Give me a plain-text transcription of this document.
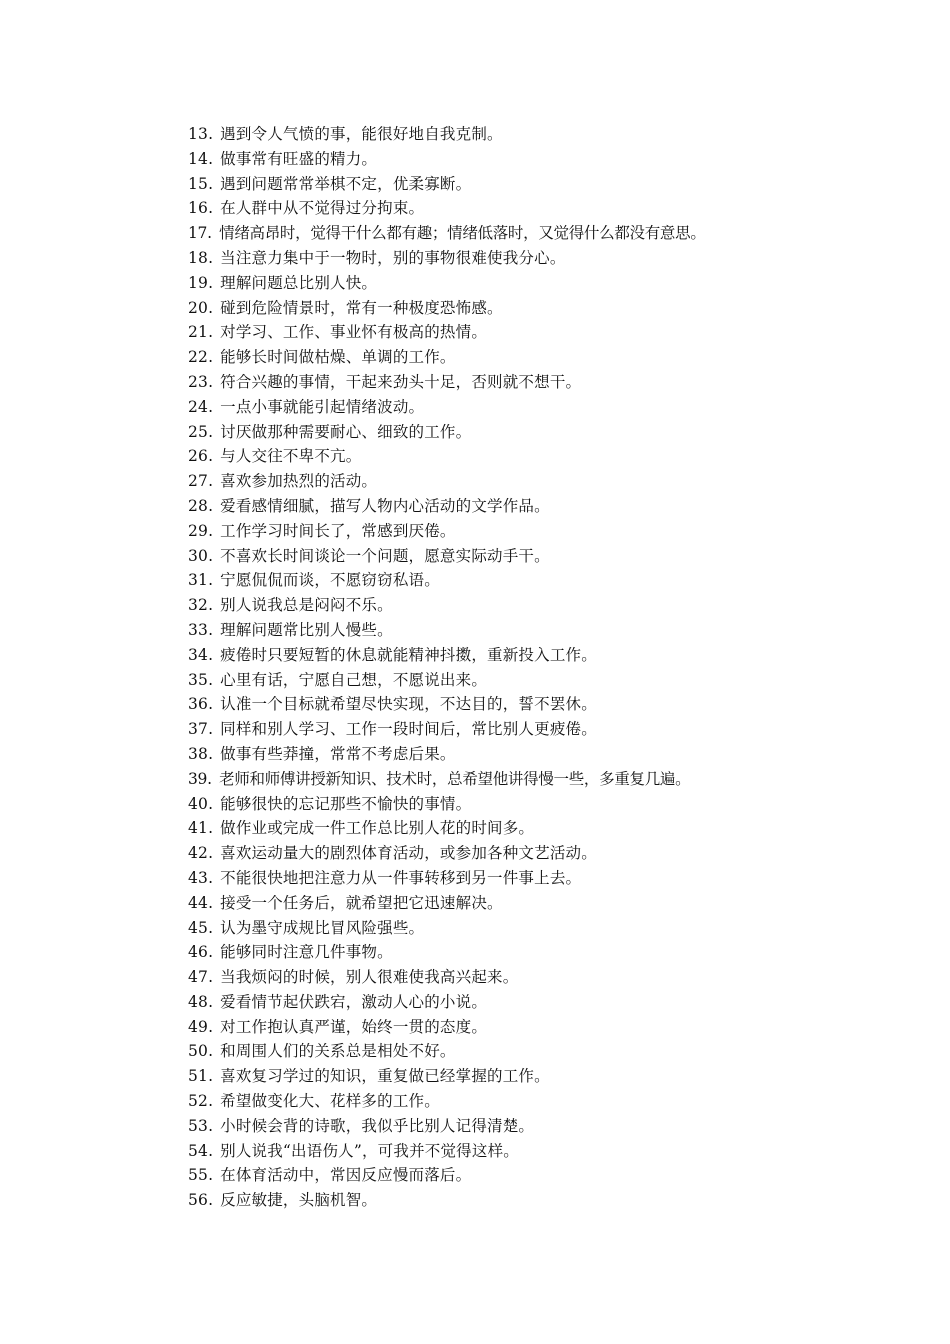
13. 遇到令人气愤的事，能很好地自我克制。
14. 做事常有旺盛的精力。
15. 遇到问题常常举棋不定，优柔寡断。
16. 在人群中从不觉得过分拘束。
17.情绪高昂时，觉得干什么都有趣；情绪低落时，又觉得什么都没有意思。
18. 当注意力集中于一物时，别的事物很难使我分心。
19. 理解问题总比别人快。
20. 碰到危险情景时，常有一种极度恐怖感。
21. 对学习、工作、事业怀有极高的热情。
22. 能够长时间做枯燥、单调的工作。
23. 符合兴趣的事情，干起来劲头十足，否则就不想干。
24. 一点小事就能引起情绪波动。
25. 讨厌做那种需要耐心、细致的工作。
26. 与人交往不卑不亢。
27. 喜欢参加热烈的活动。
28. 爱看感情细腻，描写人物内心活动的文学作品。
29. 工作学习时间长了，常感到厌倦。
30. 不喜欢长时间谈论一个问题，愿意实际动手干。
31. 宁愿侃侃而谈，不愿窃窃私语。
32. 别人说我总是闷闷不乐。
33. 理解问题常比别人慢些。
34. 疲倦时只要短暂的休息就能精神抖擞，重新投入工作。
35. 心里有话，宁愿自己想，不愿说出来。
36. 认准一个目标就希望尽快实现，不达目的，誓不罢休。
37. 同样和别人学习、工作一段时间后，常比别人更疲倦。
38. 做事有些莽撞，常常不考虑后果。
39. 老师和师傅讲授新知识、技术时，总希望他讲得慢一些，多重复几遍。
40. 能够很快的忘记那些不愉快的事情。
41. 做作业或完成一件工作总比别人花的时间多。
42. 喜欢运动量大的剧烈体育活动，或参加各种文艺活动。
43. 不能很快地把注意力从一件事转移到另一件事上去。
44. 接受一个任务后，就希望把它迅速解决。
45. 认为墨守成规比冒风险强些。
46. 能够同时注意几件事物。
47. 当我烦闷的时候，别人很难使我高兴起来。
48. 爱看情节起伏跌宕，激动人心的小说。
49. 对工作抱认真严谨，始终一贯的态度。
50. 和周围人们的关系总是相处不好。
51. 喜欢复习学过的知识，重复做已经掌握的工作。
52. 希望做变化大、花样多的工作。
53. 小时候会背的诗歌，我似乎比别人记得清楚。
54. 别人说我“出语伤人”，可我并不觉得这样。
55. 在体育活动中，常因反应慢而落后。
56. 反应敏捷，头脑机智。
